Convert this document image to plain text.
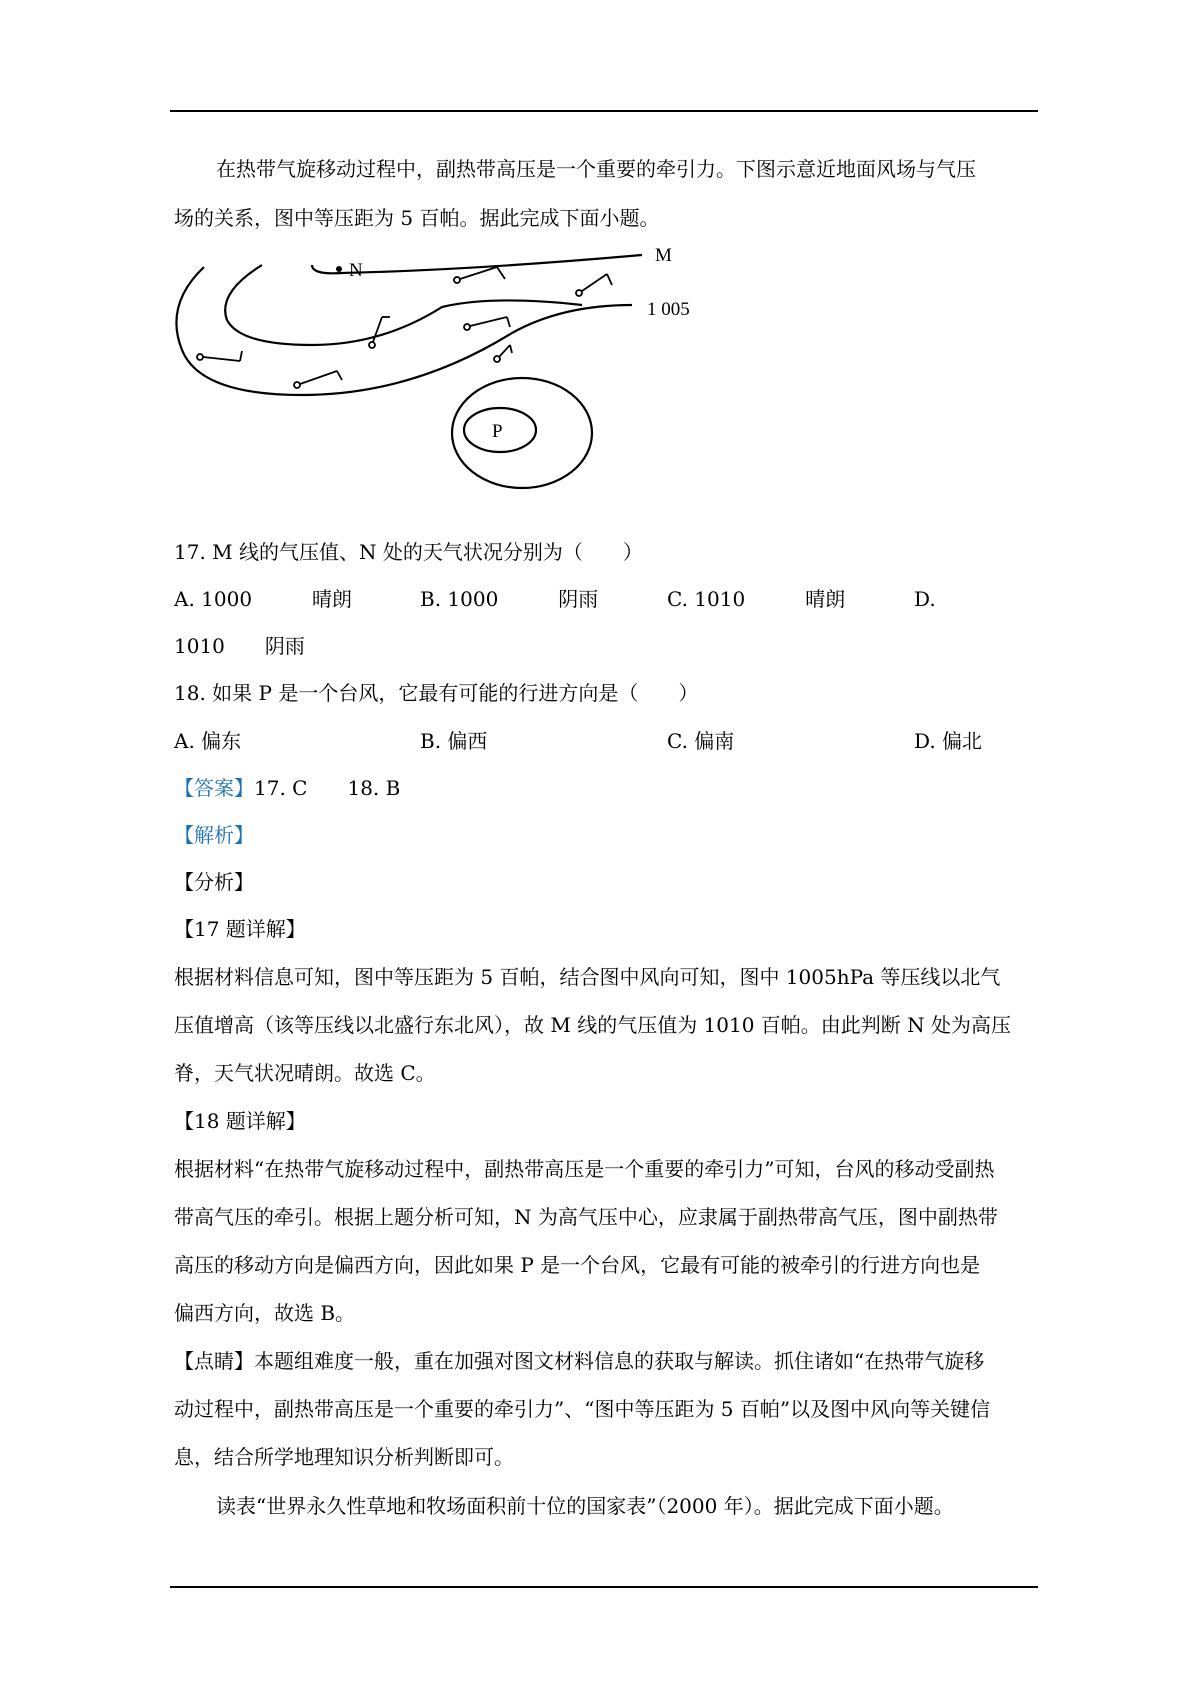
在热带气旋移动过程中，副热带高压是一个重要的牵引力。下图示意近地面风场与气压
场的关系，图中等压距为 5 百帕。据此完成下面小题。
N
M
1 005
P
17. M 线的气压值、N 处的天气状况分别为（　　）
A. 1000　　　晴朗	B. 1000　　　阴雨	C. 1010　　　晴朗	D.
1010　　阴雨
18. 如果 P 是一个台风，它最有可能的行进方向是（　　）
A. 偏东	B. 偏西	C. 偏南	D. 偏北
【答案】17. C　　18. B
【解析】
【分析】
【17 题详解】
根据材料信息可知，图中等压距为 5 百帕，结合图中风向可知，图中 1005hPa 等压线以北气
压值增高（该等压线以北盛行东北风），故 M 线的气压值为 1010 百帕。由此判断 N 处为高压
脊，天气状况晴朗。故选 C。
【18 题详解】
根据材料“在热带气旋移动过程中，副热带高压是一个重要的牵引力”可知，台风的移动受副热
带高气压的牵引。根据上题分析可知，N 为高气压中心，应隶属于副热带高气压，图中副热带
高压的移动方向是偏西方向，因此如果 P 是一个台风，它最有可能的被牵引的行进方向也是
偏西方向，故选 B。
【点睛】本题组难度一般，重在加强对图文材料信息的获取与解读。抓住诸如“在热带气旋移
动过程中，副热带高压是一个重要的牵引力”、“图中等压距为 5 百帕”以及图中风向等关键信
息，结合所学地理知识分析判断即可。
读表“世界永久性草地和牧场面积前十位的国家表”（2000 年）。据此完成下面小题。
